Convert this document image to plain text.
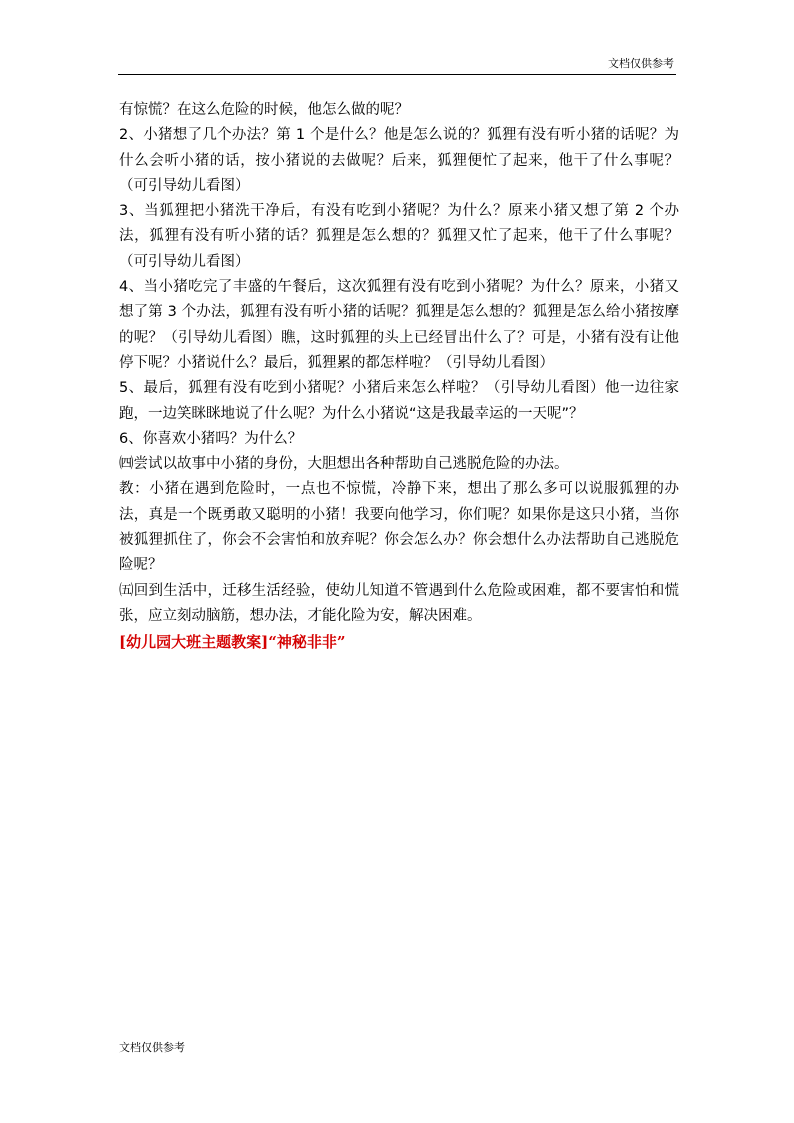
文档仅供参考

有惊慌？在这么危险的时候，他怎么做的呢？

2、小猪想了几个办法？第 1 个是什么？他是怎么说的？狐狸有没有听小猪的话呢？为什么会听小猪的话，按小猪说的去做呢？后来，狐狸便忙了起来，他干了什么事呢？（可引导幼儿看图）

3、当狐狸把小猪洗干净后，有没有吃到小猪呢？为什么？原来小猪又想了第 2 个办法，狐狸有没有听小猪的话？狐狸是怎么想的？狐狸又忙了起来，他干了什么事呢？（可引导幼儿看图）

4、当小猪吃完了丰盛的午餐后，这次狐狸有没有吃到小猪呢？为什么？原来，小猪又想了第 3 个办法，狐狸有没有听小猪的话呢？狐狸是怎么想的？狐狸是怎么给小猪按摩的呢？（引导幼儿看图）瞧，这时狐狸的头上已经冒出什么了？可是，小猪有没有让他停下呢？小猪说什么？最后，狐狸累的都怎样啦？（引导幼儿看图）

5、最后，狐狸有没有吃到小猪呢？小猪后来怎么样啦？（引导幼儿看图）他一边往家跑，一边笑眯眯地说了什么呢？为什么小猪说“这是我最幸运的一天呢”？

6、你喜欢小猪吗？为什么？

㈣尝试以故事中小猪的身份，大胆想出各种帮助自己逃脱危险的办法。

教：小猪在遇到危险时，一点也不惊慌，冷静下来，想出了那么多可以说服狐狸的办法，真是一个既勇敢又聪明的小猪！我要向他学习，你们呢？如果你是这只小猪，当你被狐狸抓住了，你会不会害怕和放弃呢？你会怎么办？你会想什么办法帮助自己逃脱危险呢？

㈤回到生活中，迁移生活经验，使幼儿知道不管遇到什么危险或困难，都不要害怕和慌张，应立刻动脑筋，想办法，才能化险为安，解决困难。

[幼儿园大班主题教案]“神秘非非”

文档仅供参考
